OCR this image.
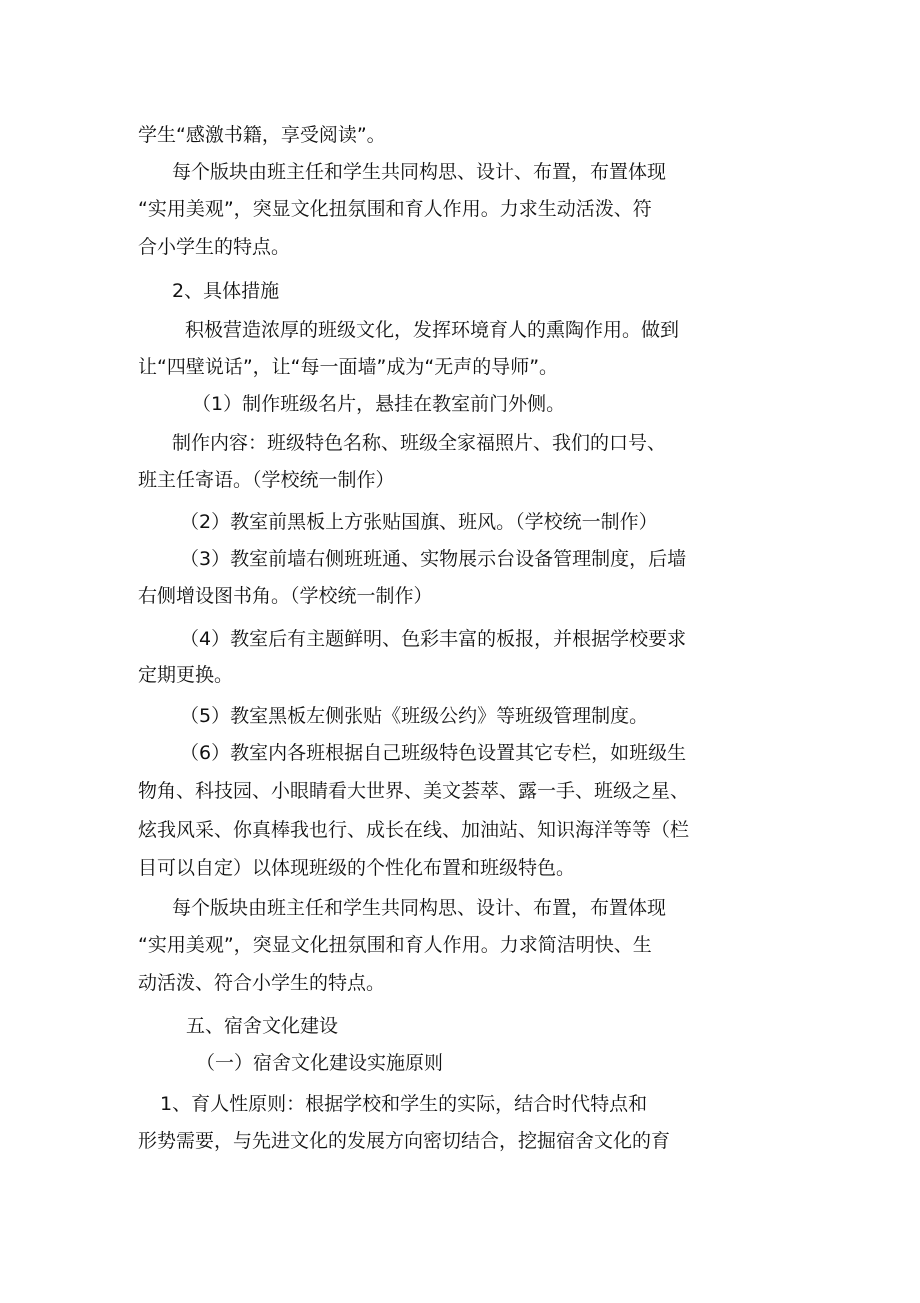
学生“感激书籍，享受阅读”。

每个版块由班主任和学生共同构思、设计、布置，布置体现

“实用美观”，突显文化扭氛围和育人作用。力求生动活泼、符

合小学生的特点。

2、具体措施

积极营造浓厚的班级文化，发挥环境育人的熏陶作用。做到

让“四壁说话”，让“每一面墙”成为“无声的导师”。

（1）制作班级名片，悬挂在教室前门外侧。

制作内容：班级特色名称、班级全家福照片、我们的口号、

班主任寄语。（学校统一制作）

（2）教室前黑板上方张贴国旗、班风。（学校统一制作）

（3）教室前墙右侧班班通、实物展示台设备管理制度，后墙

右侧增设图书角。（学校统一制作）

（4）教室后有主题鲜明、色彩丰富的板报，并根据学校要求

定期更换。

（5）教室黑板左侧张贴《班级公约》等班级管理制度。

（6）教室内各班根据自己班级特色设置其它专栏，如班级生

物角、科技园、小眼睛看大世界、美文荟萃、露一手、班级之星、

炫我风采、你真棒我也行、成长在线、加油站、知识海洋等等（栏

目可以自定）以体现班级的个性化布置和班级特色。

每个版块由班主任和学生共同构思、设计、布置，布置体现

“实用美观”，突显文化扭氛围和育人作用。力求简洁明快、生

动活泼、符合小学生的特点。

五、宿舍文化建设

（一）宿舍文化建设实施原则

1、育人性原则：根据学校和学生的实际，结合时代特点和

形势需要，与先进文化的发展方向密切结合，挖掘宿舍文化的育
